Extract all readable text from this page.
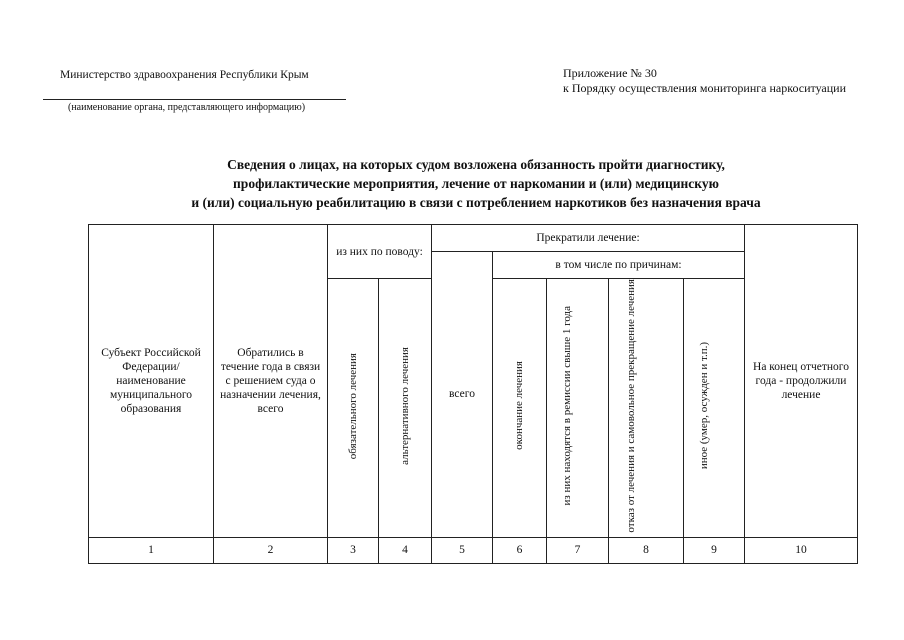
Министерство здравоохранения Республики Крым
(наименование органа, представляющего информацию)
Приложение № 30
к Порядку осуществления мониторинга наркоситуации
Сведения о лицах, на которых судом возложена обязанность пройти диагностику,
профилактические мероприятия, лечение от наркомании и (или) медицинскую
и (или) социальную реабилитацию в связи с потреблением наркотиков без назначения врача
Субъект Российской Федерации/ наименование муниципального образования	Обратились в течение года в связи с решением суда о назначении лечения, всего	из них по поводу:		Прекратили лечение:					На конец отчетного года - продолжили лечение
				всего	в том числе по причинам:				
		обязательного лечения	альтернативного лечения		окончание лечения	из них находятся в ремиссии свыше 1 года	отказ от лечения и самовольное прекращение лечения	иное (умер, осужден и т.п.)	
1	2	3	4	5	6	7	8	9	10
